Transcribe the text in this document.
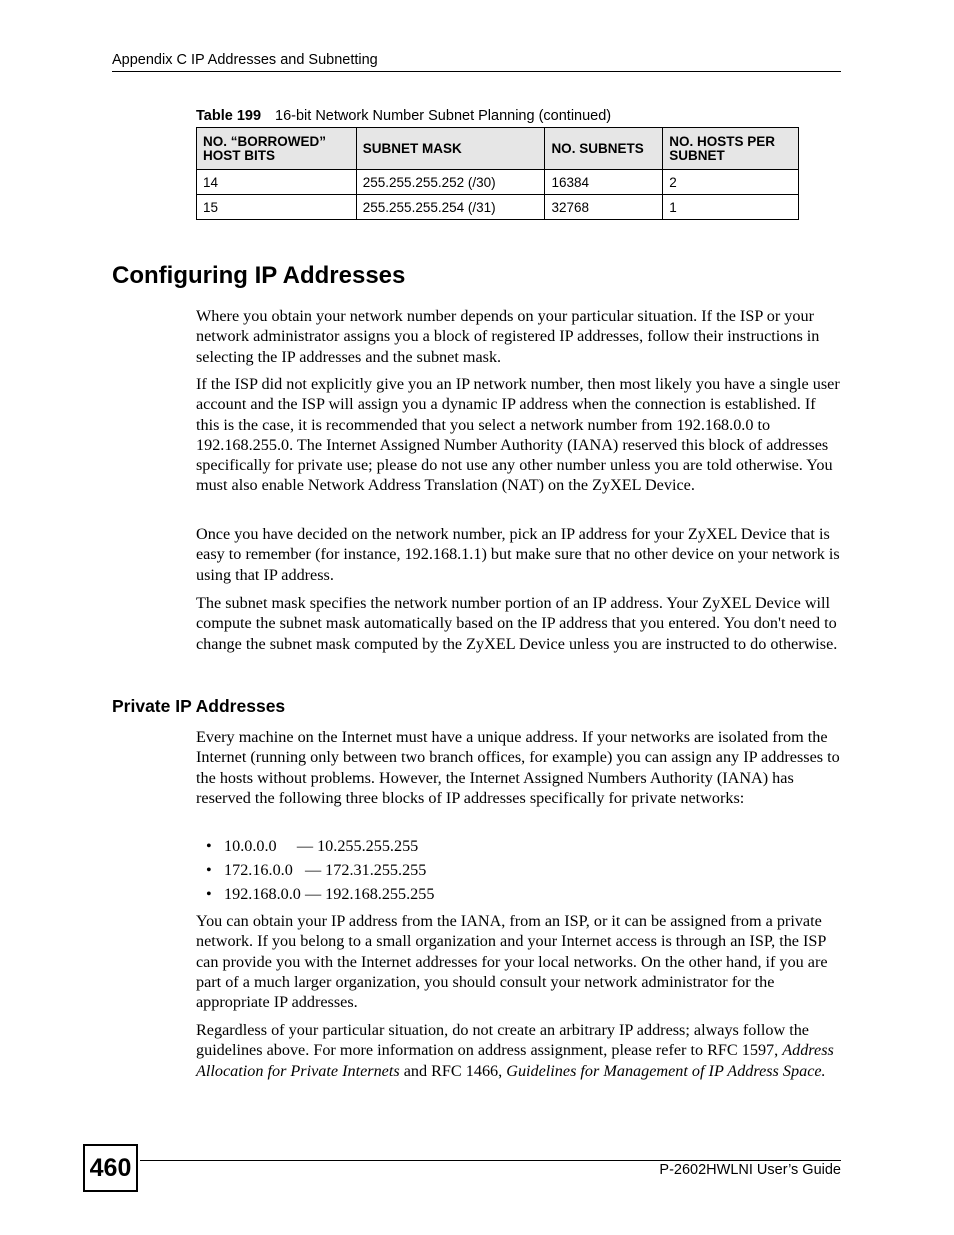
Appendix C IP Addresses and Subnetting
Table 199 16-bit Network Number Subnet Planning (continued)
NO. “BORROWED” HOST BITS	SUBNET MASK	NO. SUBNETS	NO. HOSTS PER SUBNET
14	255.255.255.252 (/30)	16384	2
15	255.255.255.254 (/31)	32768	1
Configuring IP Addresses

Where you obtain your network number depends on your particular situation. If the ISP or your network administrator assigns you a block of registered IP addresses, follow their instructions in selecting the IP addresses and the subnet mask.

If the ISP did not explicitly give you an IP network number, then most likely you have a single user account and the ISP will assign you a dynamic IP address when the connection is established. If this is the case, it is recommended that you select a network number from 192.168.0.0 to 192.168.255.0. The Internet Assigned Number Authority (IANA) reserved this block of addresses specifically for private use; please do not use any other number unless you are told otherwise. You must also enable Network Address Translation (NAT) on the ZyXEL Device.

Once you have decided on the network number, pick an IP address for your ZyXEL Device that is easy to remember (for instance, 192.168.1.1) but make sure that no other device on your network is using that IP address.

The subnet mask specifies the network number portion of an IP address. Your ZyXEL Device will compute the subnet mask automatically based on the IP address that you entered. You don't need to change the subnet mask computed by the ZyXEL Device unless you are instructed to do otherwise.

Private IP Addresses

Every machine on the Internet must have a unique address. If your networks are isolated from the Internet (running only between two branch offices, for example) you can assign any IP addresses to the hosts without problems. However, the Internet Assigned Numbers Authority (IANA) has reserved the following three blocks of IP addresses specifically for private networks:

• 10.0.0.0     — 10.255.255.255
• 172.16.0.0   — 172.31.255.255
• 192.168.0.0 — 192.168.255.255

You can obtain your IP address from the IANA, from an ISP, or it can be assigned from a private network. If you belong to a small organization and your Internet access is through an ISP, the ISP can provide you with the Internet addresses for your local networks. On the other hand, if you are part of a much larger organization, you should consult your network administrator for the appropriate IP addresses.

Regardless of your particular situation, do not create an arbitrary IP address; always follow the guidelines above. For more information on address assignment, please refer to RFC 1597, Address Allocation for Private Internets and RFC 1466, Guidelines for Management of IP Address Space.

460	P-2602HWLNI User’s Guide
